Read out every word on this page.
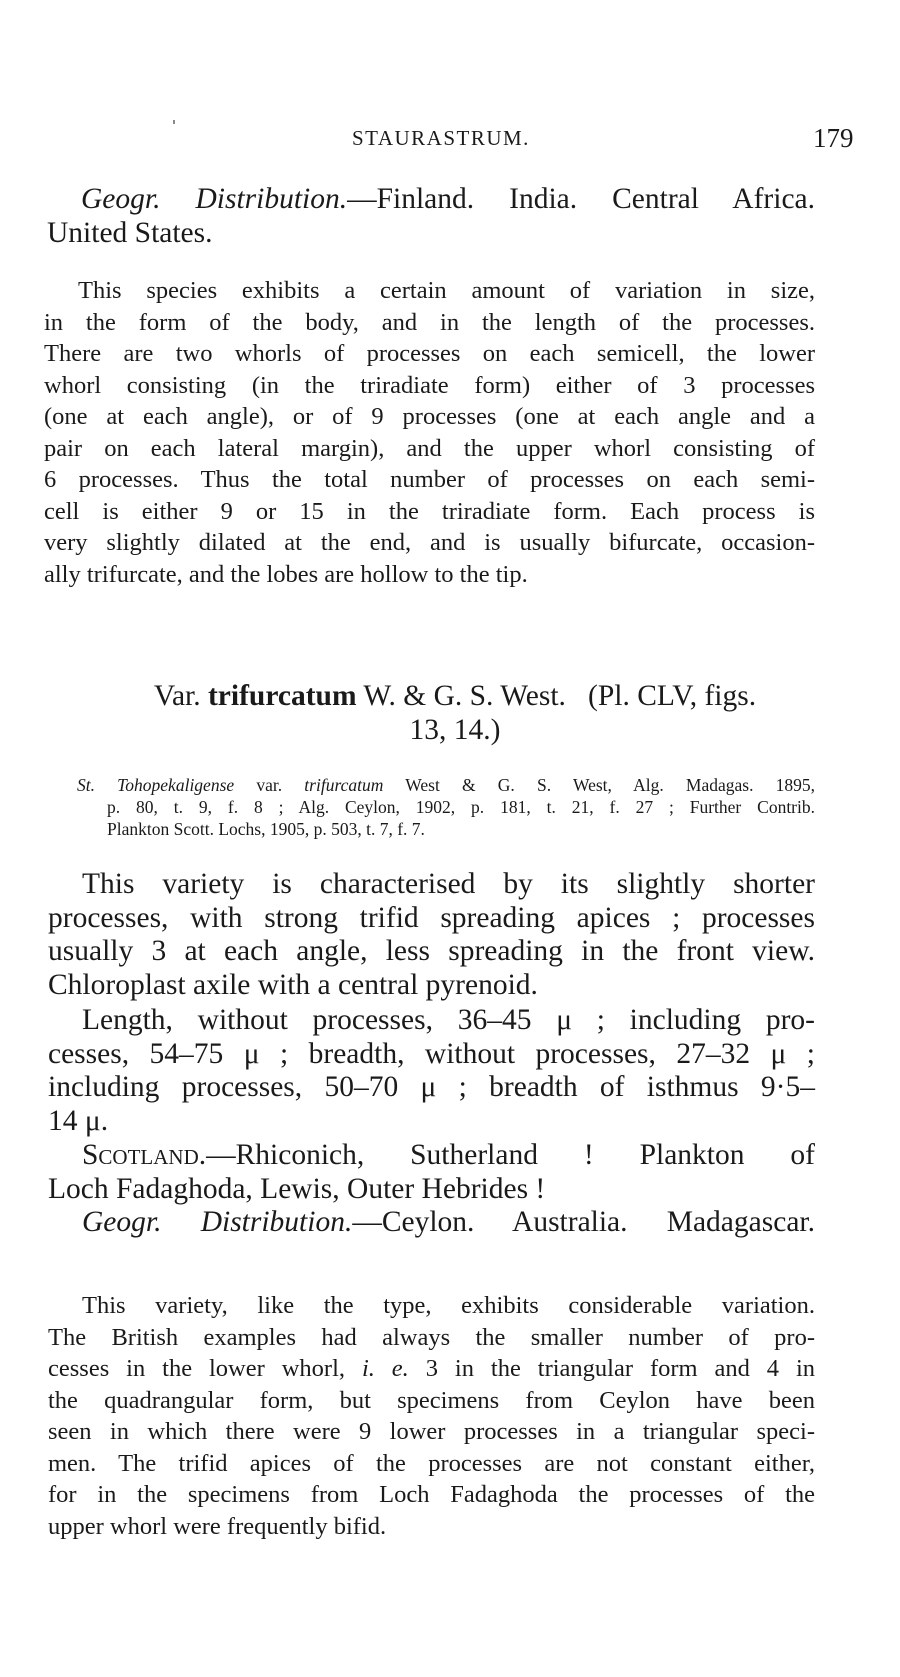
STAURASTRUM.	179
Geogr. Distribution.—Finland. India. Central Africa.
United States.
This species exhibits a certain amount of variation in size,
in the form of the body, and in the length of the processes.
There are two whorls of processes on each semicell, the lower
whorl consisting (in the triradiate form) either of 3 processes
(one at each angle), or of 9 processes (one at each angle and a
pair on each lateral margin), and the upper whorl consisting of
6 processes. Thus the total number of processes on each semi-
cell is either 9 or 15 in the triradiate form. Each process is
very slightly dilated at the end, and is usually bifurcate, occasion-
ally trifurcate, and the lobes are hollow to the tip.
Var. trifurcatum W. & G. S. West. (Pl. CLV, figs.
13, 14.)
St. Tohopekaligense var. trifurcatum West & G. S. West, Alg. Madagas. 1895,
p. 80, t. 9, f. 8 ; Alg. Ceylon, 1902, p. 181, t. 21, f. 27 ; Further Contrib.
Plankton Scott. Lochs, 1905, p. 503, t. 7, f. 7.
This variety is characterised by its slightly shorter
processes, with strong trifid spreading apices ; processes
usually 3 at each angle, less spreading in the front view.
Chloroplast axile with a central pyrenoid.
Length, without processes, 36–45 μ ; including pro-
cesses, 54–75 μ ; breadth, without processes, 27–32 μ ;
including processes, 50–70 μ ; breadth of isthmus 9·5–
14 μ.
Scotland.—Rhiconich, Sutherland ! Plankton of
Loch Fadaghoda, Lewis, Outer Hebrides !
Geogr. Distribution.—Ceylon. Australia. Madagascar.
This variety, like the type, exhibits considerable variation.
The British examples had always the smaller number of pro-
cesses in the lower whorl, i. e. 3 in the triangular form and 4 in
the quadrangular form, but specimens from Ceylon have been
seen in which there were 9 lower processes in a triangular speci-
men. The trifid apices of the processes are not constant either,
for in the specimens from Loch Fadaghoda the processes of the
upper whorl were frequently bifid.
